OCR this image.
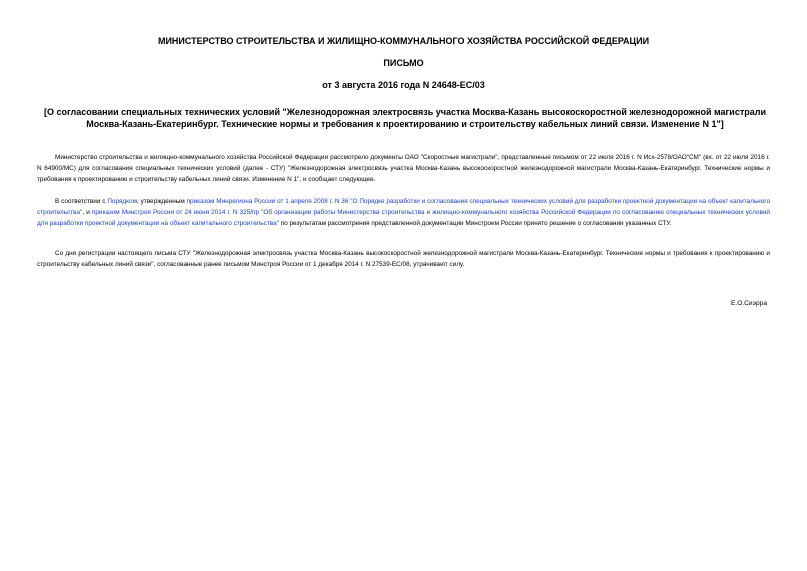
МИНИСТЕРСТВО СТРОИТЕЛЬСТВА И ЖИЛИЩНО-КОММУНАЛЬНОГО ХОЗЯЙСТВА РОССИЙСКОЙ ФЕДЕРАЦИИ
ПИСЬМО
от 3 августа 2016 года N 24648-ЕС/03
[О согласовании специальных технических условий "Железнодорожная электросвязь участка Москва-Казань высокоскоростной железнодорожной магистрали Москва-Казань-Екатеринбург. Технические нормы и требования к проектированию и строительству кабельных линий связи. Изменение N 1"]
Министерство строительства и жилищно-коммунального хозяйства Российской Федерации рассмотрело документы ОАО "Скоростные магистрали", представленные письмом от 22 июля 2016 г. N Исх-2578/ОАО"СМ" (вх. от 22 июля 2016 г. N 64900/МС) для согласования специальных технических условий (далее - СТУ) "Железнодорожная электросвязь участка Москва-Казань высокоскоростной железнодорожной магистрали Москва-Казань-Екатеринбург. Технические нормы и требования к проектированию и строительству кабельных линий связи. Изменение N 1", и сообщает следующее.
В соответствии с Порядком, утвержденным приказом Минрегиона России от 1 апреля 2008 г. N 36 "О Порядке разработки и согласования специальных технических условий для разработки проектной документации на объект капитального строительства", и приказом Минстроя России от 24 июня 2014 г. N 325/пр "Об организации работы Министерства строительства и жилищно-коммунального хозяйства Российской Федерации по согласованию специальных технических условий для разработки проектной документации на объект капитального строительства" по результатам рассмотрения представленной документации Минстроем России принято решение о согласовании указанных СТУ.
Со дня регистрации настоящего письма СТУ "Железнодорожная электросвязь участка Москва-Казань высокоскоростной железнодорожной магистрали Москва-Казань-Екатеринбург. Технические нормы и требования к проектированию и строительству кабельных линий связи", согласованные ранее письмом Минстроя России от 1 декабря 2014 г. N 27539-ЕС/08, утрачивают силу.
Е.О.Сиэрра
